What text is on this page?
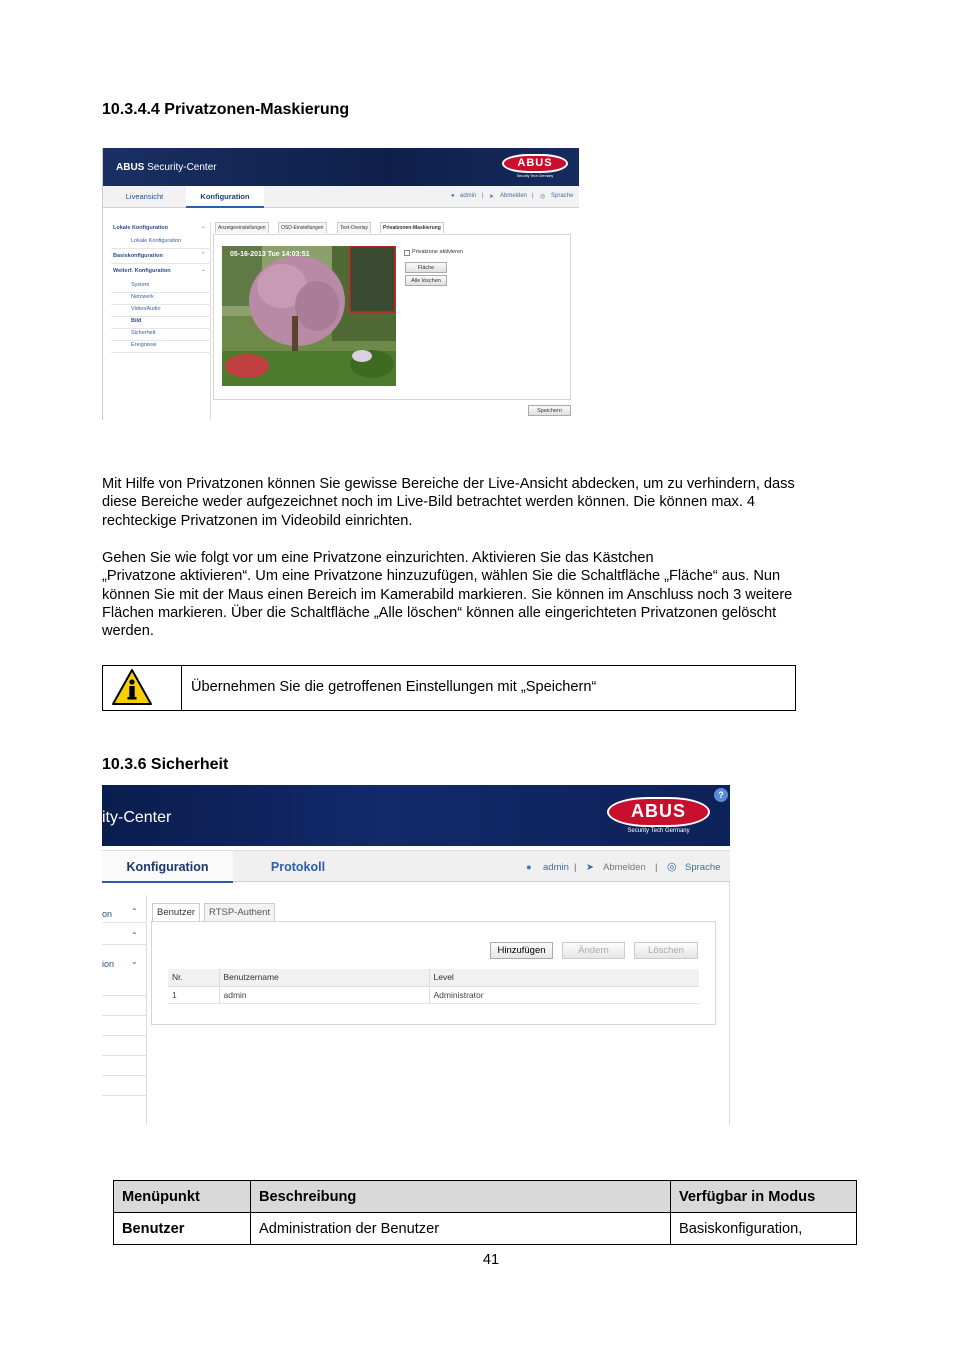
10.3.4.4 Privatzonen-Maskierung
ABUS Security-Center	ABUS
Security Tech Germany
Liveansicht	Konfiguration	● admin | ➤ Abmelden | ◎ Sprache
Lokale Konfiguration	⌄
Lokale Konfiguration
Basiskonfiguration	⌃
Weiterf. Konfiguration	⌄
System
Netzwerk
Video/Audio
Bild
Sicherheit
Ereignisse
Anzeigeeinstellungen	OSD-Einstellungen	Text-Overlay	Privatzonen-Maskierung
05-16-2013 Tue 14:03:51	Privatzone aktivieren
Fläche
Alle löschen
Speichern
Mit Hilfe von Privatzonen können Sie gewisse Bereiche der Live-Ansicht abdecken, um zu verhindern, dass
diese Bereiche weder aufgezeichnet noch im Live-Bild betrachtet werden können. Die können max. 4
rechteckige Privatzonen im Videobild einrichten.
Gehen Sie wie folgt vor um eine Privatzone einzurichten. Aktivieren Sie das Kästchen
„Privatzone aktivieren“. Um eine Privatzone hinzuzufügen, wählen Sie die Schaltfläche „Fläche“ aus. Nun
können Sie mit der Maus einen Bereich im Kamerabild markieren. Sie können im Anschluss noch 3 weitere
Flächen markieren. Über die Schaltfläche „Alle löschen“ können alle eingerichteten Privatzonen gelöscht
werden.
Übernehmen Sie die getroffenen Einstellungen mit „Speichern“
10.3.6 Sicherheit
ity-Center	ABUS
Security Tech Germany
?
Konfiguration	Protokoll	● admin | ➤ Abmelden | ◎ Sprache
on ⌃
⌃
ion ⌄
Benutzer	RTSP-Authent
Hinzufügen	Ändern	Löschen
Nr.	Benutzername	Level
1	admin	Administrator
Menüpunkt	Beschreibung	Verfügbar in Modus
Benutzer	Administration der Benutzer	Basiskonfiguration,
41
